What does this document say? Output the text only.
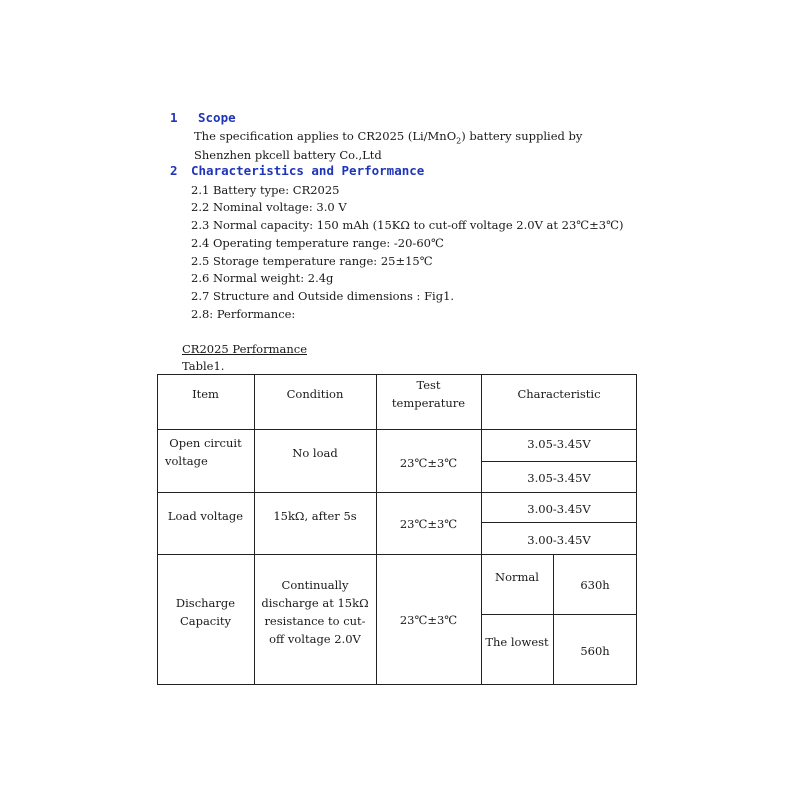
1 Scope
The specification applies to CR2025 (Li/MnO$_2$) battery supplied by
Shenzhen pkcell battery Co.,Ltd
2 Characteristics and Performance
2.1 Battery type: CR2025
2.2 Nominal voltage: 3.0 V
2.3 Normal capacity: 150 mAh (15KΩ to cut-off voltage 2.0V at 23℃±3℃)
2.4 Operating temperature range: -20-60℃
2.5 Storage temperature range: 25±15℃
2.6 Normal weight: 2.4g
2.7 Structure and Outside dimensions : Fig1.
2.8: Performance:
CR2025 Performance
Table1.
Item	Condition
Test
temperature
Characteristic
Open circuit
voltage
No load
23℃±3℃
3.05-3.45V
3.05-3.45V
Load voltage	15kΩ, after 5s
23℃±3℃
3.00-3.45V
3.00-3.45V
Discharge
Capacity
Continually
discharge at 15kΩ
resistance to cut-
off voltage 2.0V
23℃±3℃
Normal
630h
The lowest
560h
